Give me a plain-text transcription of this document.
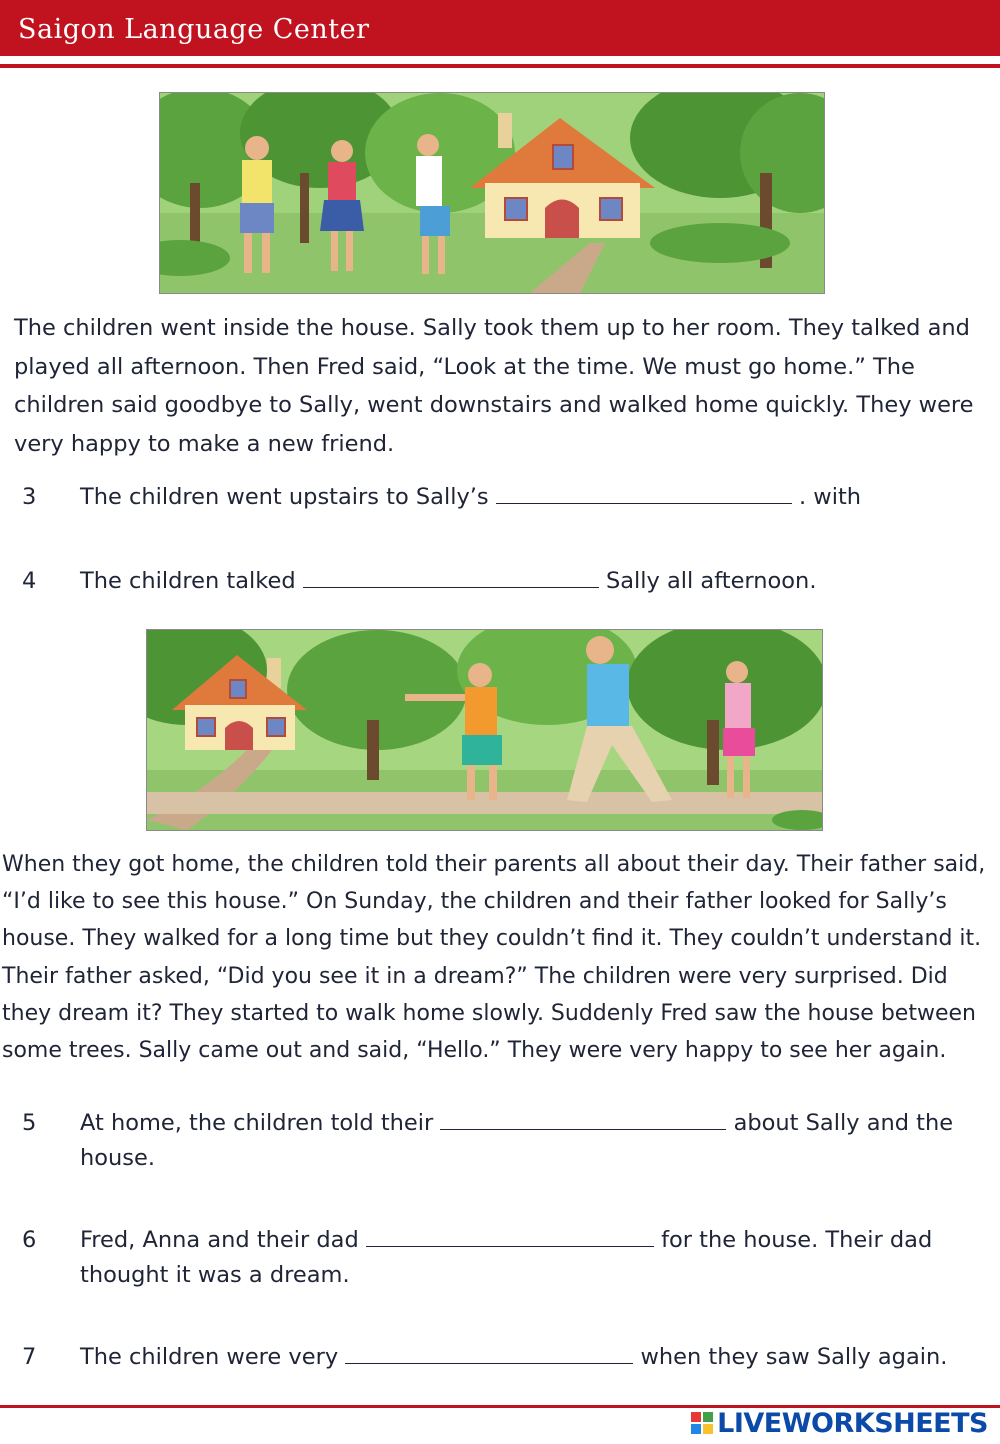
Saigon Language Center

The children went inside the house. Sally took them up to her room. They talked and played all afternoon. Then Fred said, “Look at the time. We must go home.” The children said goodbye to Sally, went downstairs and walked home quickly. They were very happy to make a new friend.

3	The children went upstairs to Sally’s	. with
4	The children talked	Sally all afternoon.

When they got home, the children told their parents all about their day. Their father said, “I’d like to see this house.” On Sunday, the children and their father looked for Sally’s house. They walked for a long time but they couldn’t find it. They couldn’t understand it. Their father asked, “Did you see it in a dream?” The children were very surprised. Did they dream it? They started to walk home slowly. Suddenly Fred saw the house between some trees. Sally came out and said, “Hello.” They were very happy to see her again.

5	At home, the children told their	about Sally and the house.
6	Fred, Anna and their dad	for the house. Their dad thought it was a dream.
7	The children were very	when they saw Sally again.
LIVEWORKSHEETS
